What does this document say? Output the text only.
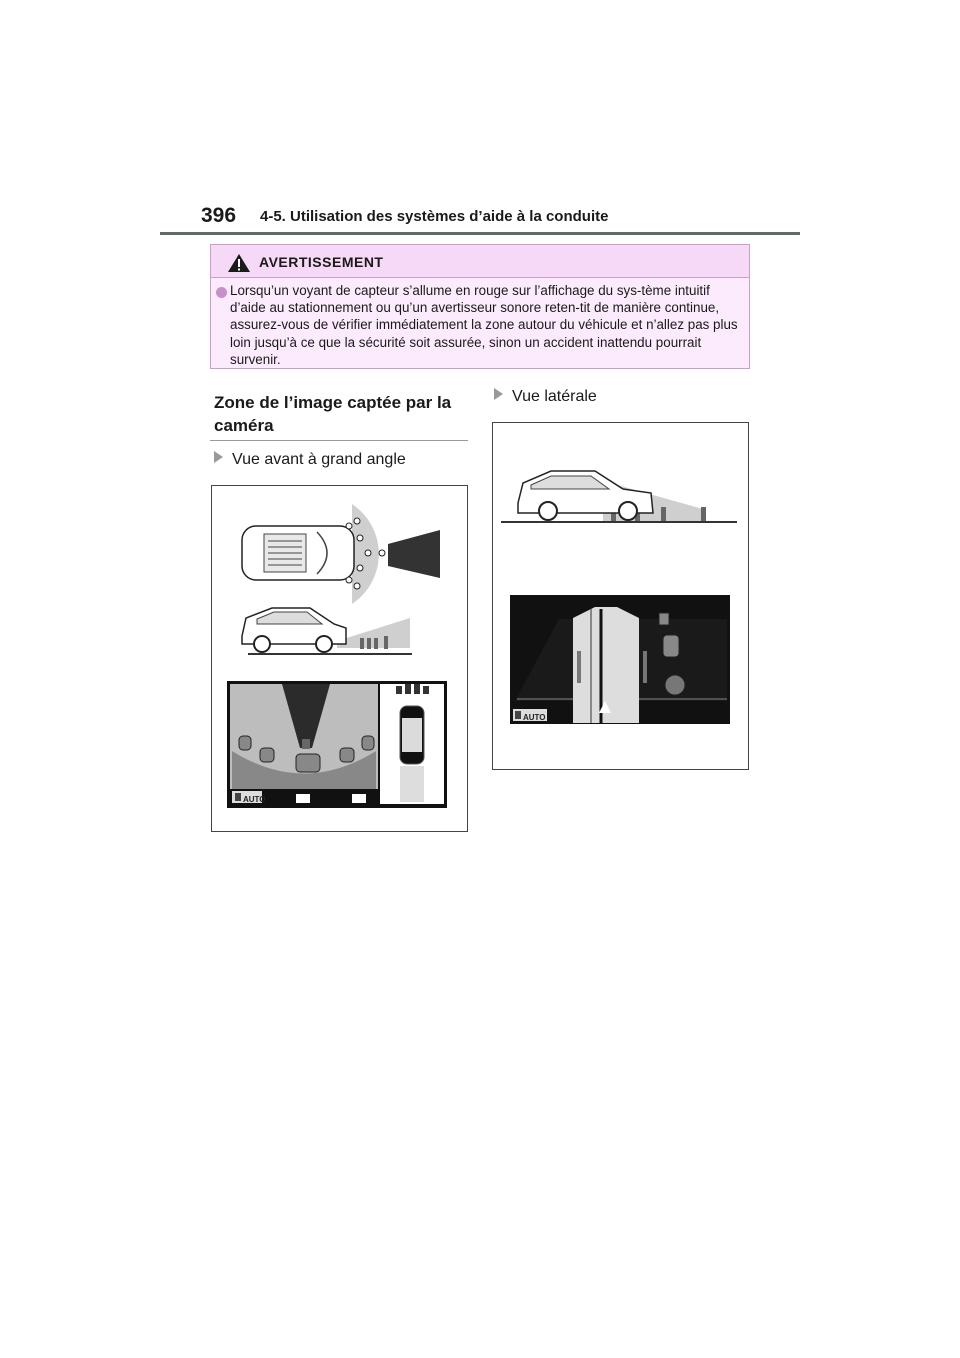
396 4-5. Utilisation des systèmes d’aide à la conduite
AVERTISSEMENT
Lorsqu’un voyant de capteur s’allume en rouge sur l’affichage du sys-tème intuitif d’aide au stationnement ou qu’un avertisseur sonore reten-tit de manière continue, assurez-vous de vérifier immédiatement la zone autour du véhicule et n’allez pas plus loin jusqu’à ce que la sécurité soit assurée, sinon un accident inattendu pourrait survenir.
Zone de l’image captée par la caméra
Vue avant à grand angle
Vue latérale
AUTO
AUTO
